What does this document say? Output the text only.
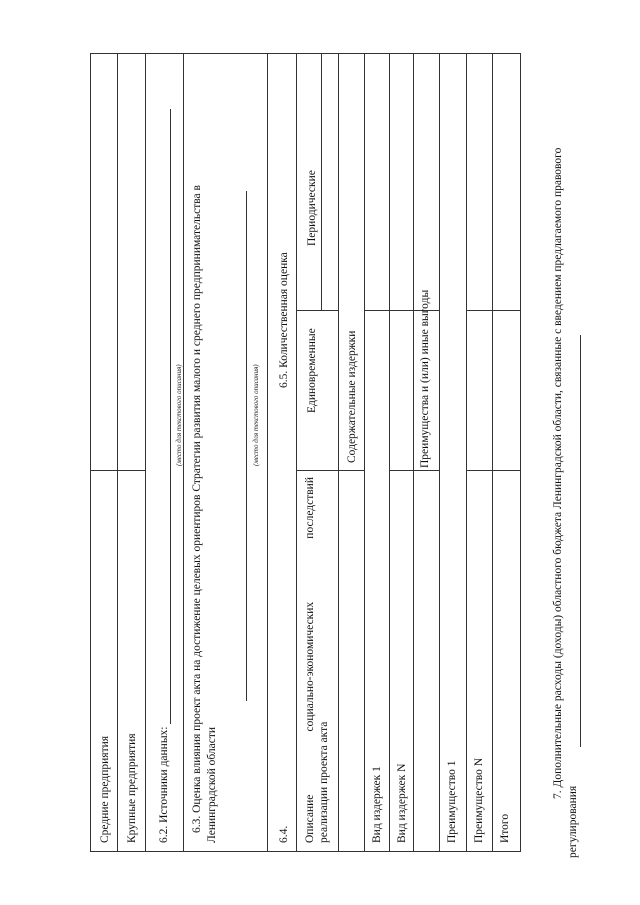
Средние предприятия Крупные предприятия 6.2. Источники данных:
(место для текстового описания) 6.3. Оценка влияния проект акта на достижение целевых ориентиров Стратегии развития малого и среднего предпринимательства в Ленинградской области
(место для текстового описания)
6.4.
6.5. Количественная оценка
Описание социально-экономических последствий реализации проекта акта
Единовременные
Периодические
Содержательные издержки
Вид издержек 1 Вид издержек N
Преимущества и (или) иные выгоды
Преимущество 1 Преимущество N Итого
7. Дополнительные расходы (доходы) областного бюджета Ленинградской области, связанные с введением предлагаемого правового
регулирования
